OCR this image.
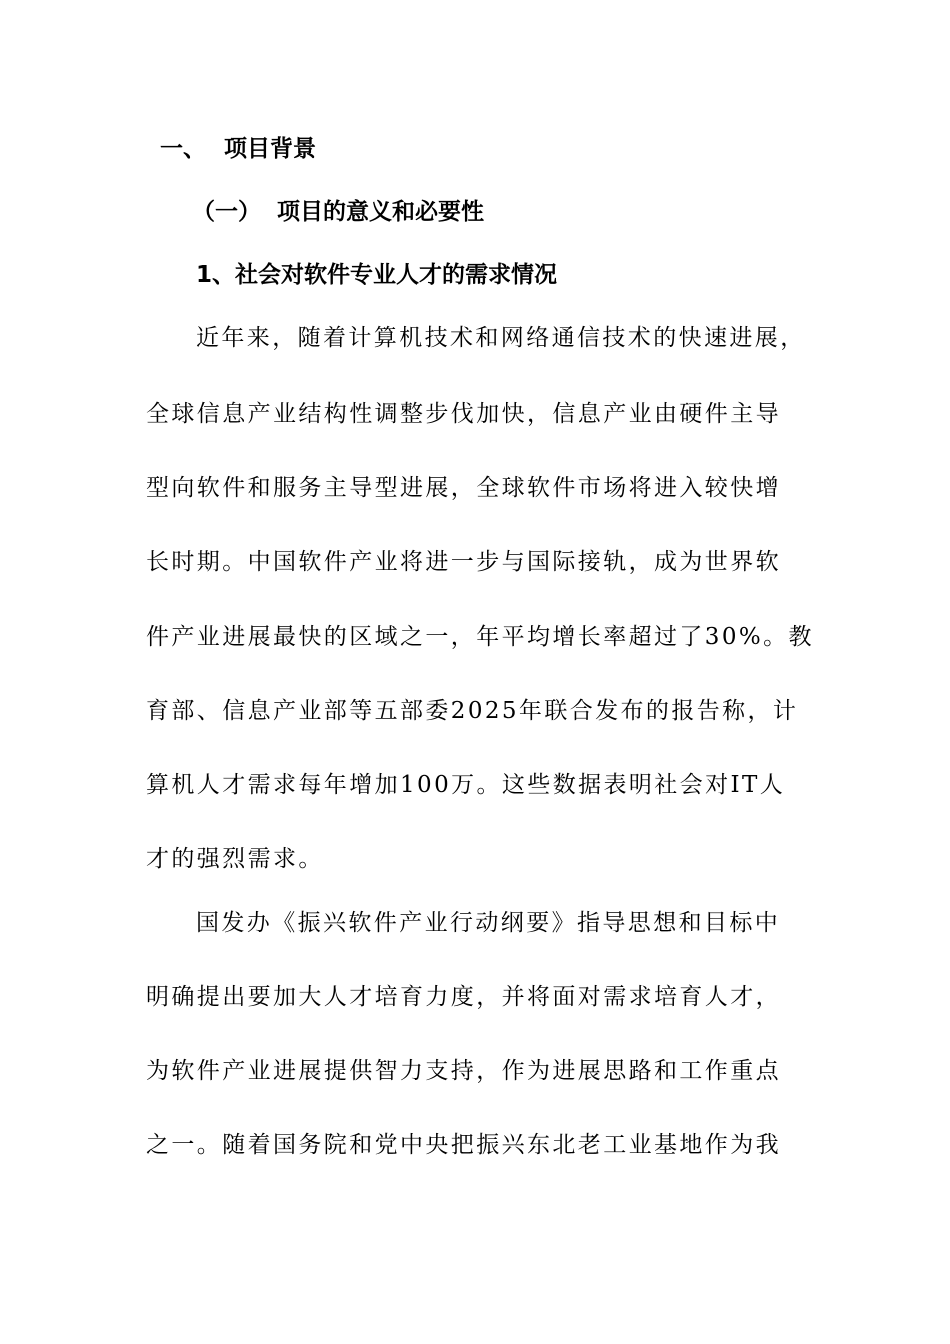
一、 项目背景
（一） 项目的意义和必要性
1、社会对软件专业人才的需求情况
近年来，随着计算机技术和网络通信技术的快速进展，
全球信息产业结构性调整步伐加快，信息产业由硬件主导
型向软件和服务主导型进展，全球软件市场将进入较快增
长时期。中国软件产业将进一步与国际接轨，成为世界软
件产业进展最快的区域之一，年平均增长率超过了30%。教
育部、信息产业部等五部委2025年联合发布的报告称，计
算机人才需求每年增加100万。这些数据表明社会对IT人
才的强烈需求。
国发办《振兴软件产业行动纲要》指导思想和目标中
明确提出要加大人才培育力度，并将面对需求培育人才，
为软件产业进展提供智力支持，作为进展思路和工作重点
之一。随着国务院和党中央把振兴东北老工业基地作为我
